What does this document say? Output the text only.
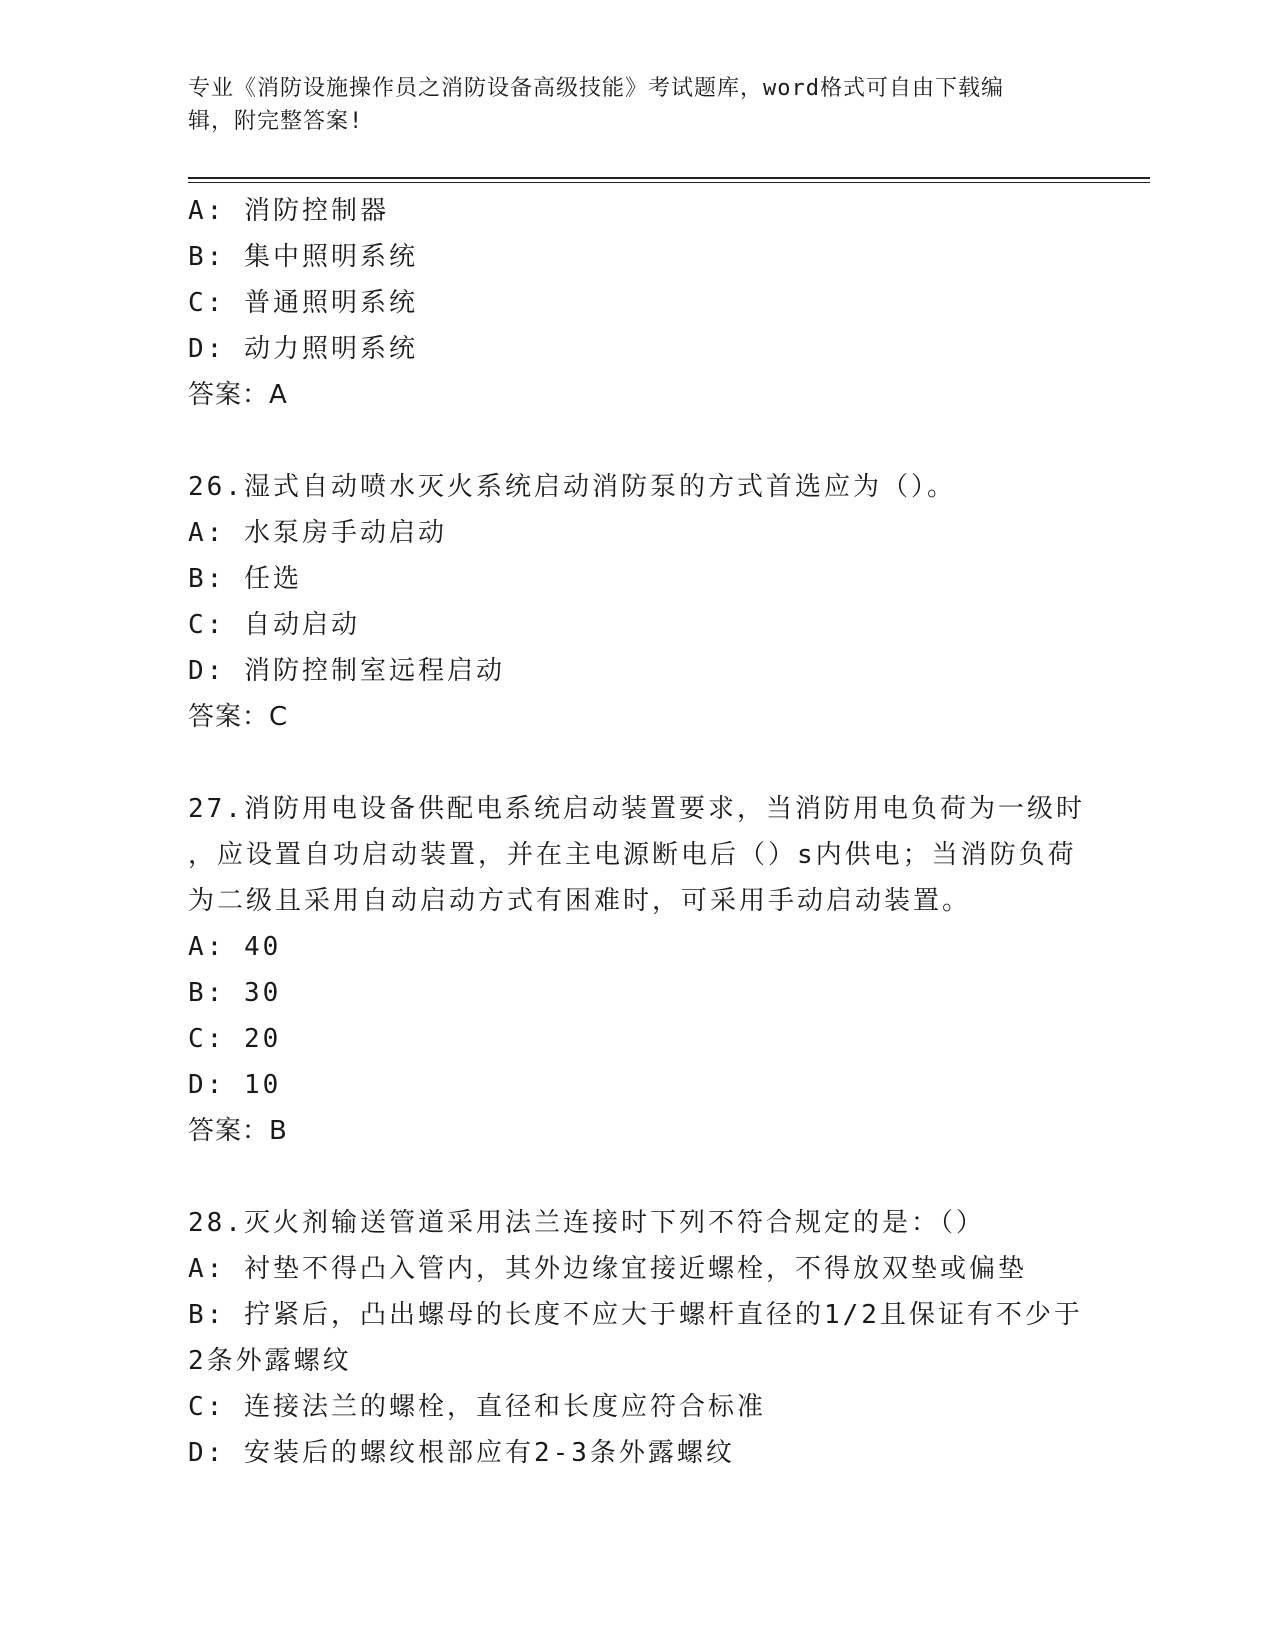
专业《消防设施操作员之消防设备高级技能》考试题库，word格式可自由下载编
辑，附完整答案!
A: 消防控制器
B: 集中照明系统
C: 普通照明系统
D: 动力照明系统
答案：A
26.湿式自动喷水灭火系统启动消防泵的方式首选应为（）。
A: 水泵房手动启动
B: 任选
C: 自动启动
D: 消防控制室远程启动
答案：C
27.消防用电设备供配电系统启动装置要求，当消防用电负荷为一级时
，应设置自功启动装置，并在主电源断电后（）s内供电；当消防负荷
为二级且采用自动启动方式有困难时，可采用手动启动装置。
A: 40
B: 30
C: 20
D: 10
答案：B
28.灭火剂输送管道采用法兰连接时下列不符合规定的是：（）
A: 衬垫不得凸入管内，其外边缘宜接近螺栓，不得放双垫或偏垫
B: 拧紧后，凸出螺母的长度不应大于螺杆直径的1/2且保证有不少于
2条外露螺纹
C: 连接法兰的螺栓，直径和长度应符合标准
D: 安装后的螺纹根部应有2-3条外露螺纹
